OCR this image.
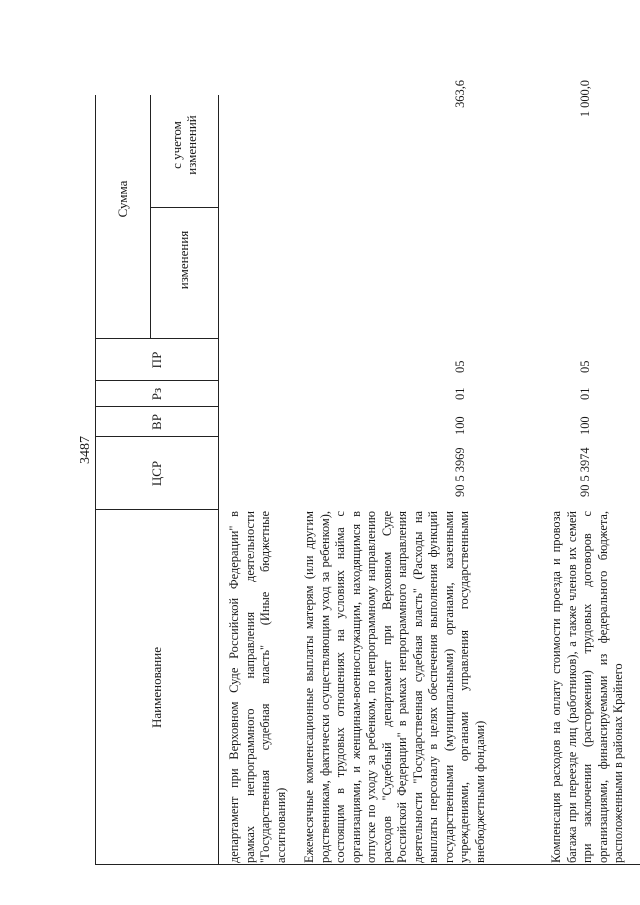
3487
Наименование
ЦСР
ВР
Рз
ПР
Сумма
изменения
с учетом изменений
департамент при Верховном Суде Российской Федерации" в рамках непрограммного направления деятельности "Государственная судебная власть" (Иные бюджетные ассигнования) Ежемесячные компенсационные выплаты матерям (или другим родственникам, фактически осуществляющим уход за ребенком), состоящим в трудовых отношениях на условиях найма с организациями, и женщинам-военнослужащим, находящимся в отпуске по уходу за ребенком, по непрограммному направлению расходов "Судебный департамент при Верховном Суде Российской Федерации" в рамках непрограммного направления деятельности "Государственная судебная власть" (Расходы на выплаты персоналу в целях обеспечения выполнения функций государственными (муниципальными) органами, казенными учреждениями, органами управления государственными внебюджетными фондами)
90 5 3969
100
01
05
363,6
Компенсация расходов на оплату стоимости проезда и провоза багажа при переезде лиц (работников), а также членов их семей при заключении (расторжении) трудовых договоров с организациями, финансируемыми из федерального бюджета, расположенными в районах Крайнего
90 5 3974
100
01
05
1 000,0
